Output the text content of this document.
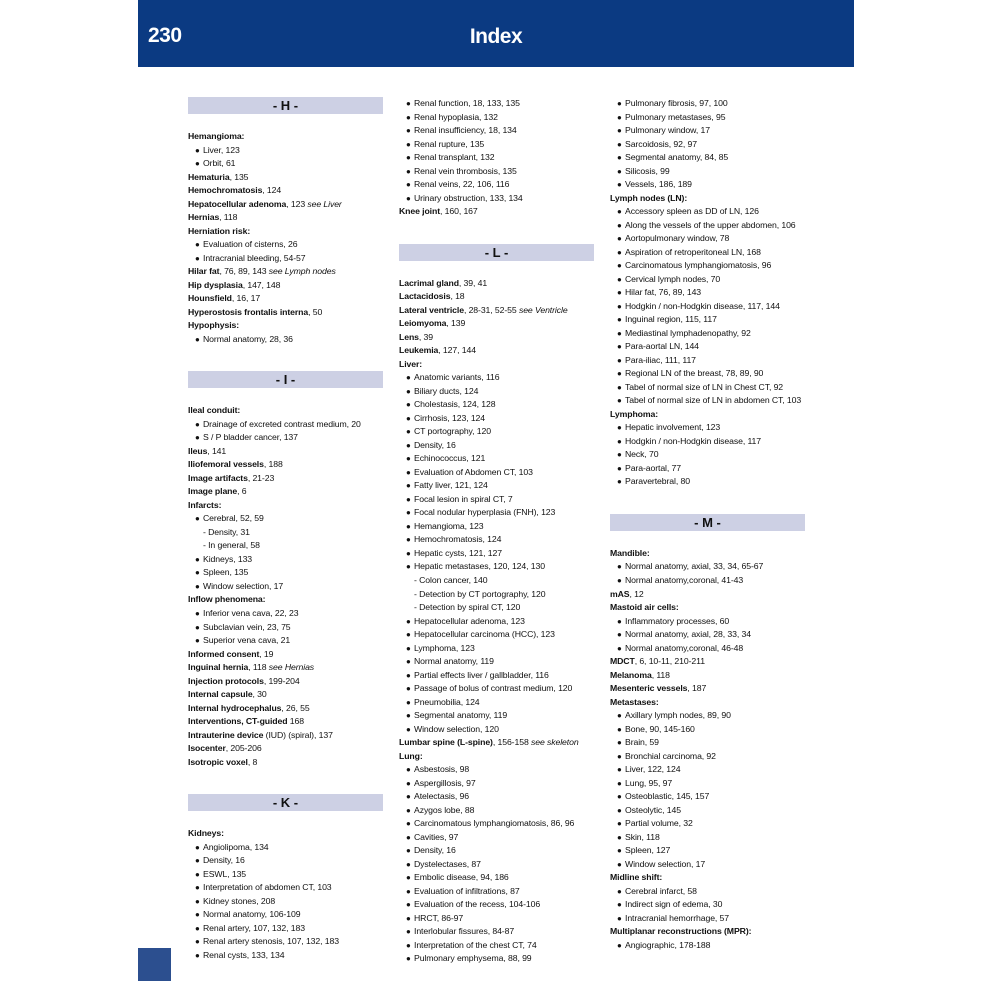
230	Index
- H -
Hemangioma:
● Liver, 123
● Orbit, 61
Hematuria, 135
Hemochromatosis, 124
Hepatocellular adenoma, 123 see Liver
Hernias, 118
Herniation risk:
● Evaluation of cisterns, 26
● Intracranial bleeding, 54-57
Hilar fat, 76, 89, 143 see Lymph nodes
Hip dysplasia, 147, 148
Hounsfield, 16, 17
Hyperostosis frontalis interna, 50
Hypophysis:
● Normal anatomy, 28, 36
- I -
Ileal conduit:
● Drainage of excreted contrast medium, 20
● S / P bladder cancer, 137
Ileus, 141
Iliofemoral vessels, 188
Image artifacts, 21-23
Image plane, 6
Infarcts:
● Cerebral, 52, 59
- Density, 31
- In general, 58
● Kidneys, 133
● Spleen, 135
● Window selection, 17
Inflow phenomena:
● Inferior vena cava, 22, 23
● Subclavian vein, 23, 75
● Superior vena cava, 21
Informed consent, 19
Inguinal hernia, 118 see Hernias
Injection protocols, 199-204
Internal capsule, 30
Internal hydrocephalus, 26, 55
Interventions, CT-guided 168
Intrauterine device (IUD) (spiral), 137
Isocenter, 205-206
Isotropic voxel, 8
- K -
Kidneys:
● Angiolipoma, 134
● Density, 16
● ESWL, 135
● Interpretation of abdomen CT, 103
● Kidney stones, 208
● Normal anatomy, 106-109
● Renal artery, 107, 132, 183
● Renal artery stenosis, 107, 132, 183
● Renal cysts, 133, 134
● Renal function, 18, 133, 135
● Renal hypoplasia, 132
● Renal insufficiency, 18, 134
● Renal rupture, 135
● Renal transplant, 132
● Renal vein thrombosis, 135
● Renal veins, 22, 106, 116
● Urinary obstruction, 133, 134
Knee joint, 160, 167
- L -
Lacrimal gland, 39, 41
Lactacidosis, 18
Lateral ventricle, 28-31, 52-55 see Ventricle
Leiomyoma, 139
Lens, 39
Leukemia, 127, 144
Liver:
● Anatomic variants, 116
● Biliary ducts, 124
● Cholestasis, 124, 128
● Cirrhosis, 123, 124
● CT portography, 120
● Density, 16
● Echinococcus, 121
● Evaluation of Abdomen CT, 103
● Fatty liver, 121, 124
● Focal lesion in spiral CT, 7
● Focal nodular hyperplasia (FNH), 123
● Hemangioma, 123
● Hemochromatosis, 124
● Hepatic cysts, 121, 127
● Hepatic metastases, 120, 124, 130
- Colon cancer, 140
- Detection by CT portography, 120
- Detection by spiral CT, 120
● Hepatocellular adenoma, 123
● Hepatocellular carcinoma (HCC), 123
● Lymphoma, 123
● Normal anatomy, 119
● Partial effects liver / gallbladder, 116
● Passage of bolus of contrast medium, 120
● Pneumobilia, 124
● Segmental anatomy, 119
● Window selection, 120
Lumbar spine (L-spine), 156-158 see skeleton
Lung:
● Asbestosis, 98
● Aspergillosis, 97
● Atelectasis, 96
● Azygos lobe, 88
● Carcinomatous lymphangiomatosis, 86, 96
● Cavities, 97
● Density, 16
● Dystelectases, 87
● Embolic disease, 94, 186
● Evaluation of infiltrations, 87
● Evaluation of the recess, 104-106
● HRCT, 86-97
● Interlobular fissures, 84-87
● Interpretation of the chest CT, 74
● Pulmonary emphysema, 88, 99
● Pulmonary fibrosis, 97, 100
● Pulmonary metastases, 95
● Pulmonary window, 17
● Sarcoidosis, 92, 97
● Segmental anatomy, 84, 85
● Silicosis, 99
● Vessels, 186, 189
Lymph nodes (LN):
● Accessory spleen as DD of LN, 126
● Along the vessels of the upper abdomen, 106
● Aortopulmonary window, 78
● Aspiration of retroperitoneal LN, 168
● Carcinomatous lymphangiomatosis, 96
● Cervical lymph nodes, 70
● Hilar fat, 76, 89, 143
● Hodgkin / non-Hodgkin disease, 117, 144
● Inguinal region, 115, 117
● Mediastinal lymphadenopathy, 92
● Para-aortal LN, 144
● Para-iliac, 111, 117
● Regional LN of the breast, 78, 89, 90
● Tabel of normal size of LN in Chest CT, 92
● Tabel of normal size of LN in abdomen CT, 103
Lymphoma:
● Hepatic involvement, 123
● Hodgkin / non-Hodgkin disease, 117
● Neck, 70
● Para-aortal, 77
● Paravertebral, 80
- M -
Mandible:
● Normal anatomy, axial, 33, 34, 65-67
● Normal anatomy,coronal, 41-43
mAS, 12
Mastoid air cells:
● Inflammatory processes, 60
● Normal anatomy, axial, 28, 33, 34
● Normal anatomy,coronal, 46-48
MDCT, 6, 10-11, 210-211
Melanoma, 118
Mesenteric vessels, 187
Metastases:
● Axillary lymph nodes, 89, 90
● Bone, 90, 145-160
● Brain, 59
● Bronchial carcinoma, 92
● Liver, 122, 124
● Lung, 95, 97
● Osteoblastic, 145, 157
● Osteolytic, 145
● Partial volume, 32
● Skin, 118
● Spleen, 127
● Window selection, 17
Midline shift:
● Cerebral infarct, 58
● Indirect sign of edema, 30
● Intracranial hemorrhage, 57
Multiplanar reconstructions (MPR):
● Angiographic, 178-188
